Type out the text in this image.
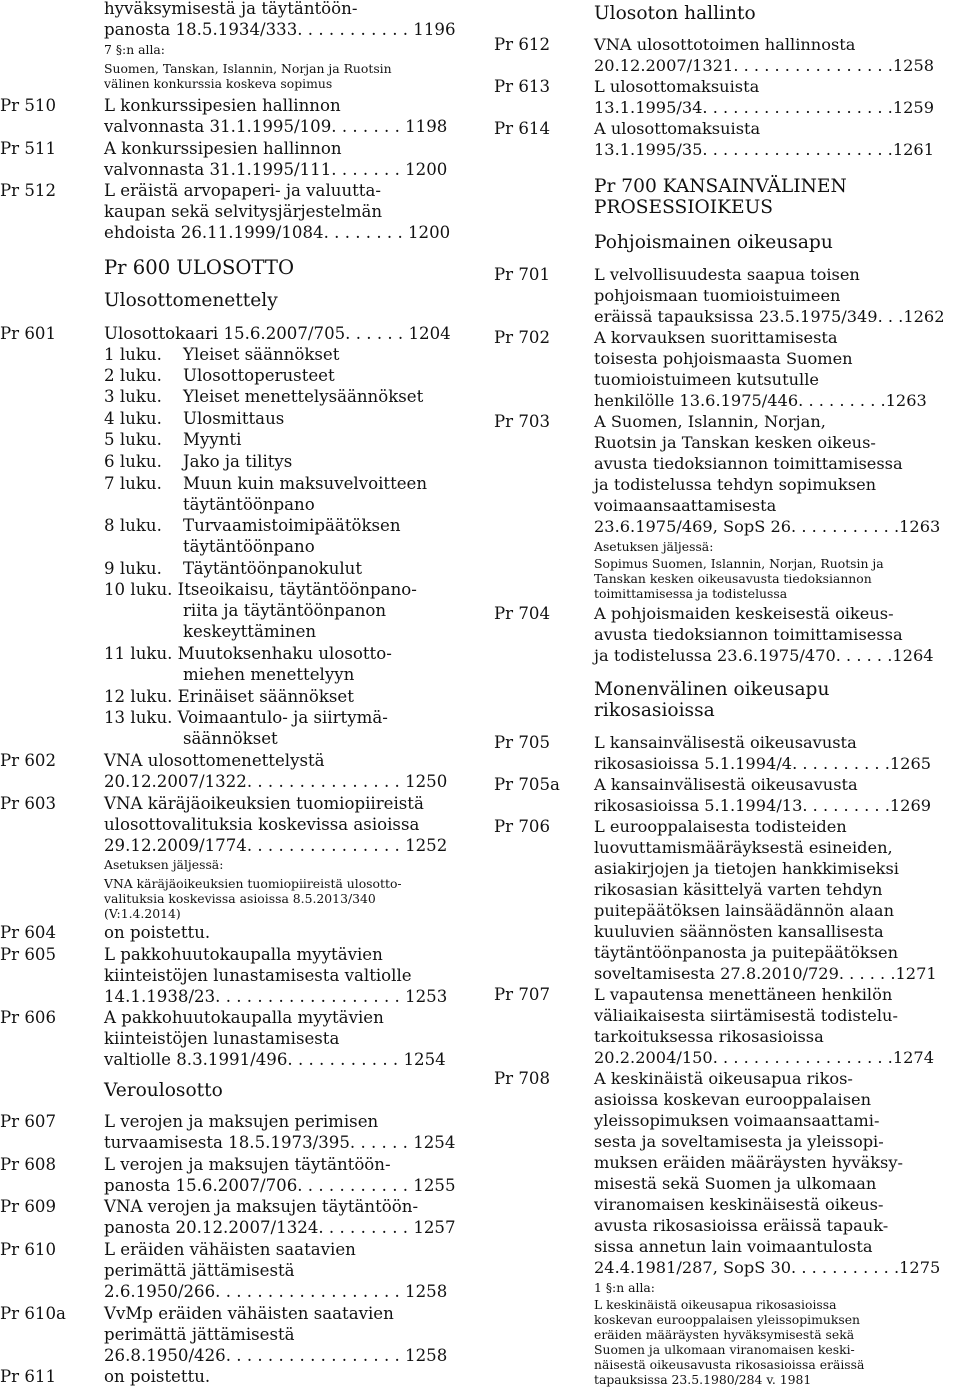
hyväksymisestä ja täytäntöön-
panosta 18.5.1934/333. . . . . . . . . . . 1196
7 §:n alla:
Suomen, Tanskan, Islannin, Norjan ja Ruotsin
välinen konkurssia koskeva sopimus
Pr 510	L konkurssipesien hallinnon
valvonnasta 31.1.1995/109. . . . . . . 1198
Pr 511	A konkurssipesien hallinnon
valvonnasta 31.1.1995/111. . . . . . . 1200
Pr 512	L eräistä arvopaperi- ja valuutta-
kaupan sekä selvitysjärjestelmän
ehdoista 26.11.1999/1084. . . . . . . . 1200
Pr 600 ULOSOTTO
Ulosottomenettely
Pr 601	Ulosottokaari 15.6.2007/705. . . . . . 1204
1 luku. Yleiset säännökset
2 luku. Ulosottoperusteet
3 luku. Yleiset menettelysäännökset
4 luku. Ulosmittaus
5 luku. Myynti
6 luku. Jako ja tilitys
7 luku. Muun kuin maksuvelvoitteen
täytäntöönpano
8 luku. Turvaamistoimipäätöksen
täytäntöönpano
9 luku. Täytäntöönpanokulut
10 luku. Itseoikaisu, täytäntöönpano-
riita ja täytäntöönpanon
keskeyttäminen
11 luku. Muutoksenhaku ulosotto-
miehen menettelyyn
12 luku. Erinäiset säännökset
13 luku. Voimaantulo- ja siirtymä-
säännökset
Pr 602	VNA ulosottomenettelystä
20.12.2007/1322. . . . . . . . . . . . . . . 1250
Pr 603	VNA käräjäoikeuksien tuomiopiireistä
ulosottovalituksia koskevissa asioissa
29.12.2009/1774. . . . . . . . . . . . . . . 1252
Asetuksen jäljessä:
VNA käräjäoikeuksien tuomiopiireistä ulosotto-
valituksia koskevissa asioissa 8.5.2013/340
(V:1.4.2014)
Pr 604	on poistettu.
Pr 605	L pakkohuutokaupalla myytävien
kiinteistöjen lunastamisesta valtiolle
14.1.1938/23. . . . . . . . . . . . . . . . . . 1253
Pr 606	A pakkohuutokaupalla myytävien
kiinteistöjen lunastamisesta
valtiolle 8.3.1991/496. . . . . . . . . . . 1254
Veroulosotto
Pr 607	L verojen ja maksujen perimisen
turvaamisesta 18.5.1973/395. . . . . . 1254
Pr 608	L verojen ja maksujen täytäntöön-
panosta 15.6.2007/706. . . . . . . . . . . 1255
Pr 609	VNA verojen ja maksujen täytäntöön-
panosta 20.12.2007/1324. . . . . . . . . 1257
Pr 610	L eräiden vähäisten saatavien
perimättä jättämisestä
2.6.1950/266. . . . . . . . . . . . . . . . . . 1258
Pr 610a VvMp eräiden vähäisten saatavien
perimättä jättämisestä
26.8.1950/426. . . . . . . . . . . . . . . . . 1258
Pr 611	on poistettu.
Ulosoton hallinto
Pr 612	VNA ulosottotoimen hallinnosta
20.12.2007/1321. . . . . . . . . . . . . . . .1258
Pr 613	L ulosottomaksuista
13.1.1995/34. . . . . . . . . . . . . . . . . . .1259
Pr 614	A ulosottomaksuista
13.1.1995/35. . . . . . . . . . . . . . . . . . .1261
Pr 700 KANSAINVÄLINEN
PROSESSIOIKEUS
Pohjoismainen oikeusapu
Pr 701	L velvollisuudesta saapua toisen
pohjoismaan tuomioistuimeen
eräissä tapauksissa 23.5.1975/349. . .1262
Pr 702	A korvauksen suorittamisesta
toisesta pohjoismaasta Suomen
tuomioistuimeen kutsutulle
henkilölle 13.6.1975/446. . . . . . . . .1263
Pr 703	A Suomen, Islannin, Norjan,
Ruotsin ja Tanskan kesken oikeus-
avusta tiedoksiannon toimittamisessa
ja todistelussa tehdyn sopimuksen
voimaansaattamisesta
23.6.1975/469, SopS 26. . . . . . . . . . .1263
Asetuksen jäljessä:
Sopimus Suomen, Islannin, Norjan, Ruotsin ja
Tanskan kesken oikeusavusta tiedoksiannon
toimittamisessa ja todistelussa
Pr 704	A pohjoismaiden keskeisestä oikeus-
avusta tiedoksiannon toimittamisessa
ja todistelussa 23.6.1975/470. . . . . .1264
Monenvälinen oikeusapu
rikosasioissa
Pr 705	L kansainvälisestä oikeusavusta
rikosasioissa 5.1.1994/4. . . . . . . . . .1265
Pr 705a A kansainvälisestä oikeusavusta
rikosasioissa 5.1.1994/13. . . . . . . . .1269
Pr 706	L eurooppalaisesta todisteiden
luovuttamismääräyksestä esineiden,
asiakirjojen ja tietojen hankkimiseksi
rikosasian käsittelyä varten tehdyn
puitepäätöksen lainsäädännön alaan
kuuluvien säännösten kansallisesta
täytäntöönpanosta ja puitepäätöksen
soveltamisesta 27.8.2010/729. . . . . .1271
Pr 707	L vapautensa menettäneen henkilön
väliaikaisesta siirtämisestä todistelu-
tarkoituksessa rikosasioissa
20.2.2004/150. . . . . . . . . . . . . . . . . .1274
Pr 708	A keskinäistä oikeusapua rikos-
asioissa koskevan eurooppalaisen
yleissopimuksen voimaansaattami-
sesta ja soveltamisesta ja yleissopi-
muksen eräiden määräysten hyväksy-
misestä sekä Suomen ja ulkomaan
viranomaisen keskinäisestä oikeus-
avusta rikosasioissa eräissä tapauk-
sissa annetun lain voimaantulosta
24.4.1981/287, SopS 30. . . . . . . . . . .1275
1 §:n alla:
L keskinäistä oikeusapua rikosasioissa
koskevan eurooppalaisen yleissopimuksen
eräiden määräysten hyväksymisestä sekä
Suomen ja ulkomaan viranomaisen keski-
näisestä oikeusavusta rikosasioissa eräissä
tapauksissa 23.5.1980/284 v. 1981
